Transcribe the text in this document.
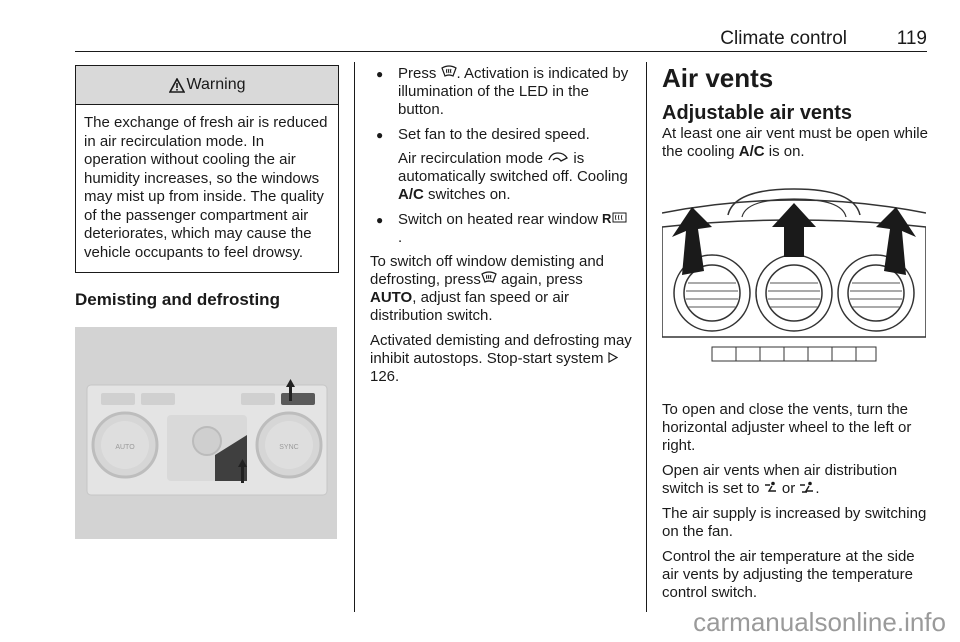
Climate control	119
Warning
The exchange of fresh air is reduced in air recirculation mode. In operation without cooling the air humidity increases, so the windows may mist up from inside. The quality of the passenger compartment air deteriorates, which may cause the vehicle occupants to feel drowsy.

Demisting and defrosting

AUTO	SYNC
● Press . Activation is indicated by illumination of the LED in the button.
● Set fan to the desired speed.

Air recirculation mode  is automatically switched off. Cooling A/C switches on.

● Switch on heated rear window R
.

To switch off window demisting and defrosting, press again, press AUTO, adjust fan speed or air distribution switch.

Activated demisting and defrosting may inhibit autostops. Stop-start system  126.

Air vents
Adjustable air vents

At least one air vent must be open while the cooling A/C is on.

To open and close the vents, turn the horizontal adjuster wheel to the left or right.

Open air vents when air distribution switch is set to  or .

The air supply is increased by switching on the fan.

Control the air temperature at the side air vents by adjusting the temperature control switch.

carmanualsonline.info
